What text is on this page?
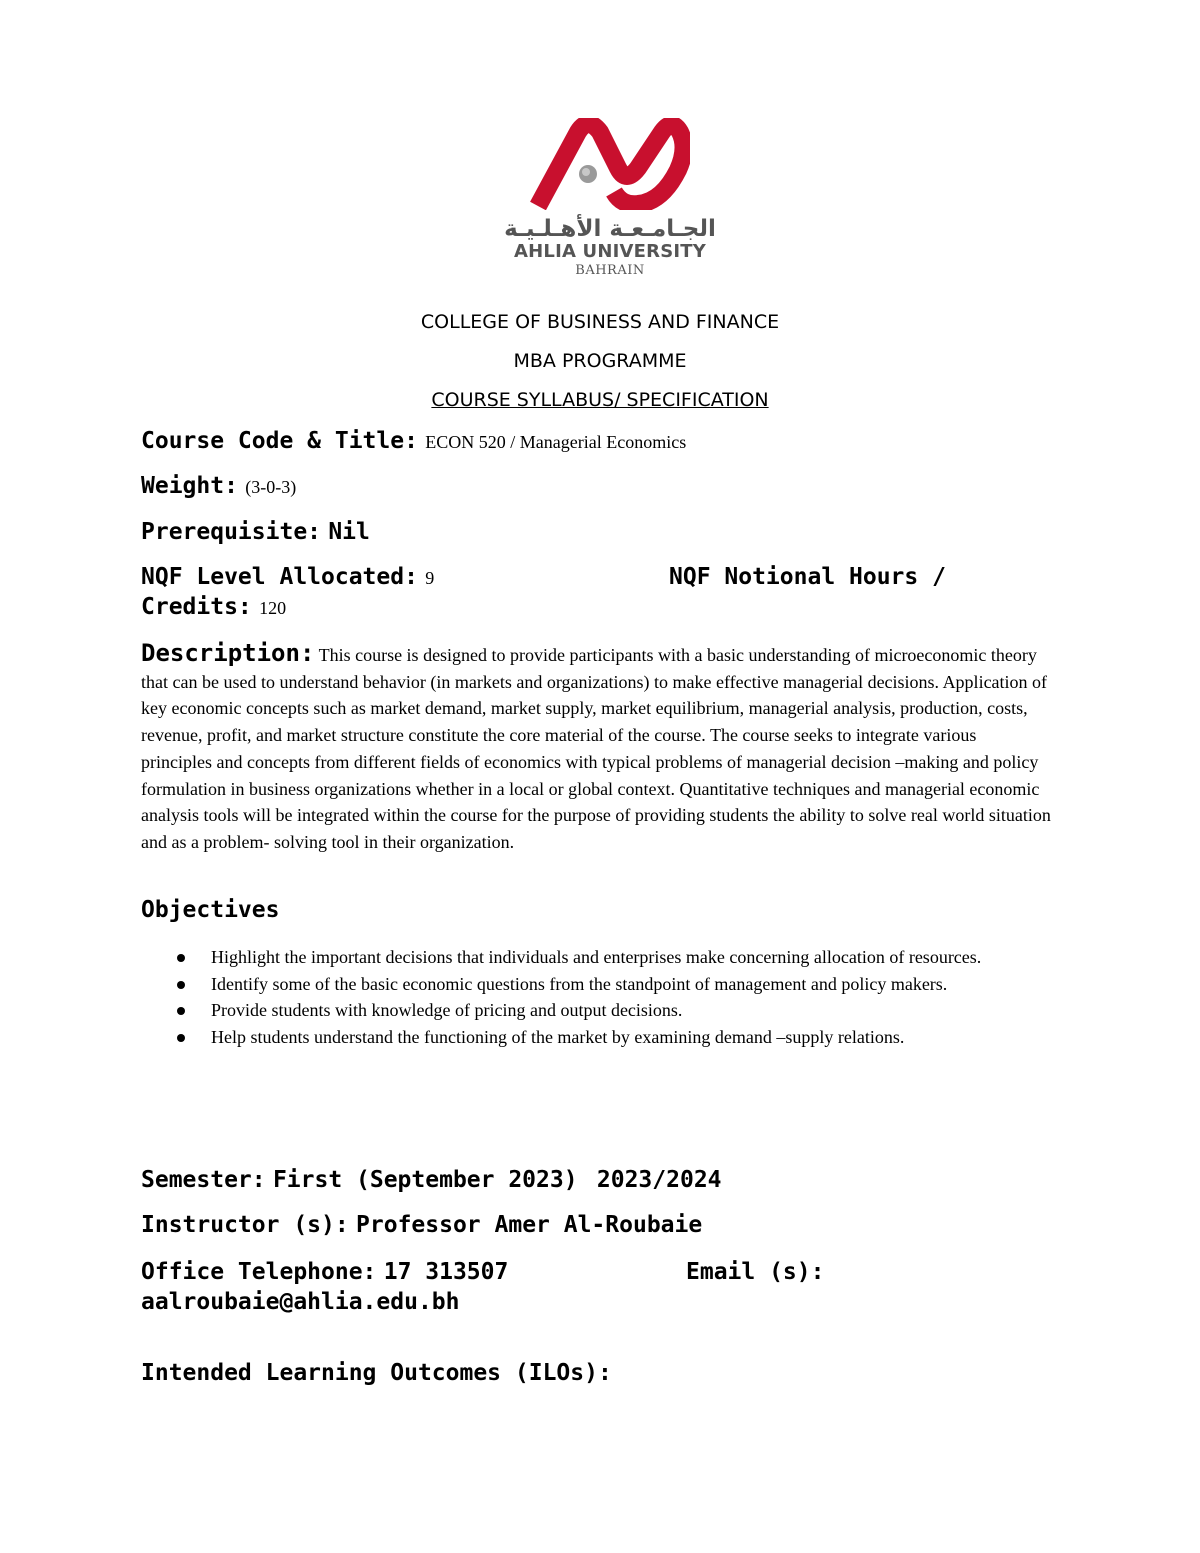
الجـامـعـة الأهـلـيـة
AHLIA UNIVERSITY
BAHRAIN
COLLEGE OF BUSINESS AND FINANCE
MBA PROGRAMME
COURSE SYLLABUS/ SPECIFICATION
Course Code & Title: ECON 520 / Managerial Economics
Weight: (3-0-3)
Prerequisite: Nil
NQF Level Allocated: 9	NQF Notional Hours /
Credits: 120
Description: This course is designed to provide participants with a basic understanding of microeconomic theory that can be used to understand behavior (in markets and organizations) to make effective managerial decisions. Application of key economic concepts such as market demand, market supply, market equilibrium, managerial analysis, production, costs, revenue, profit, and market structure constitute the core material of the course. The course seeks to integrate various principles and concepts from different fields of economics with typical problems of managerial decision –making and policy formulation in business organizations whether in a local or global context. Quantitative techniques and managerial economic analysis tools will be integrated within the course for the purpose of providing students the ability to solve real world situation and as a problem- solving tool in their organization.
Objectives
Highlight the important decisions that individuals and enterprises make concerning allocation of resources.
Identify some of the basic economic questions from the standpoint of management and policy makers.
Provide students with knowledge of pricing and output decisions.
Help students understand the functioning of the market by examining demand –supply relations.
Semester: First (September 2023) 2023/2024
Instructor (s): Professor Amer Al-Roubaie
Office Telephone: 17 313507	Email (s):
aalroubaie@ahlia.edu.bh
Intended Learning Outcomes (ILOs):
